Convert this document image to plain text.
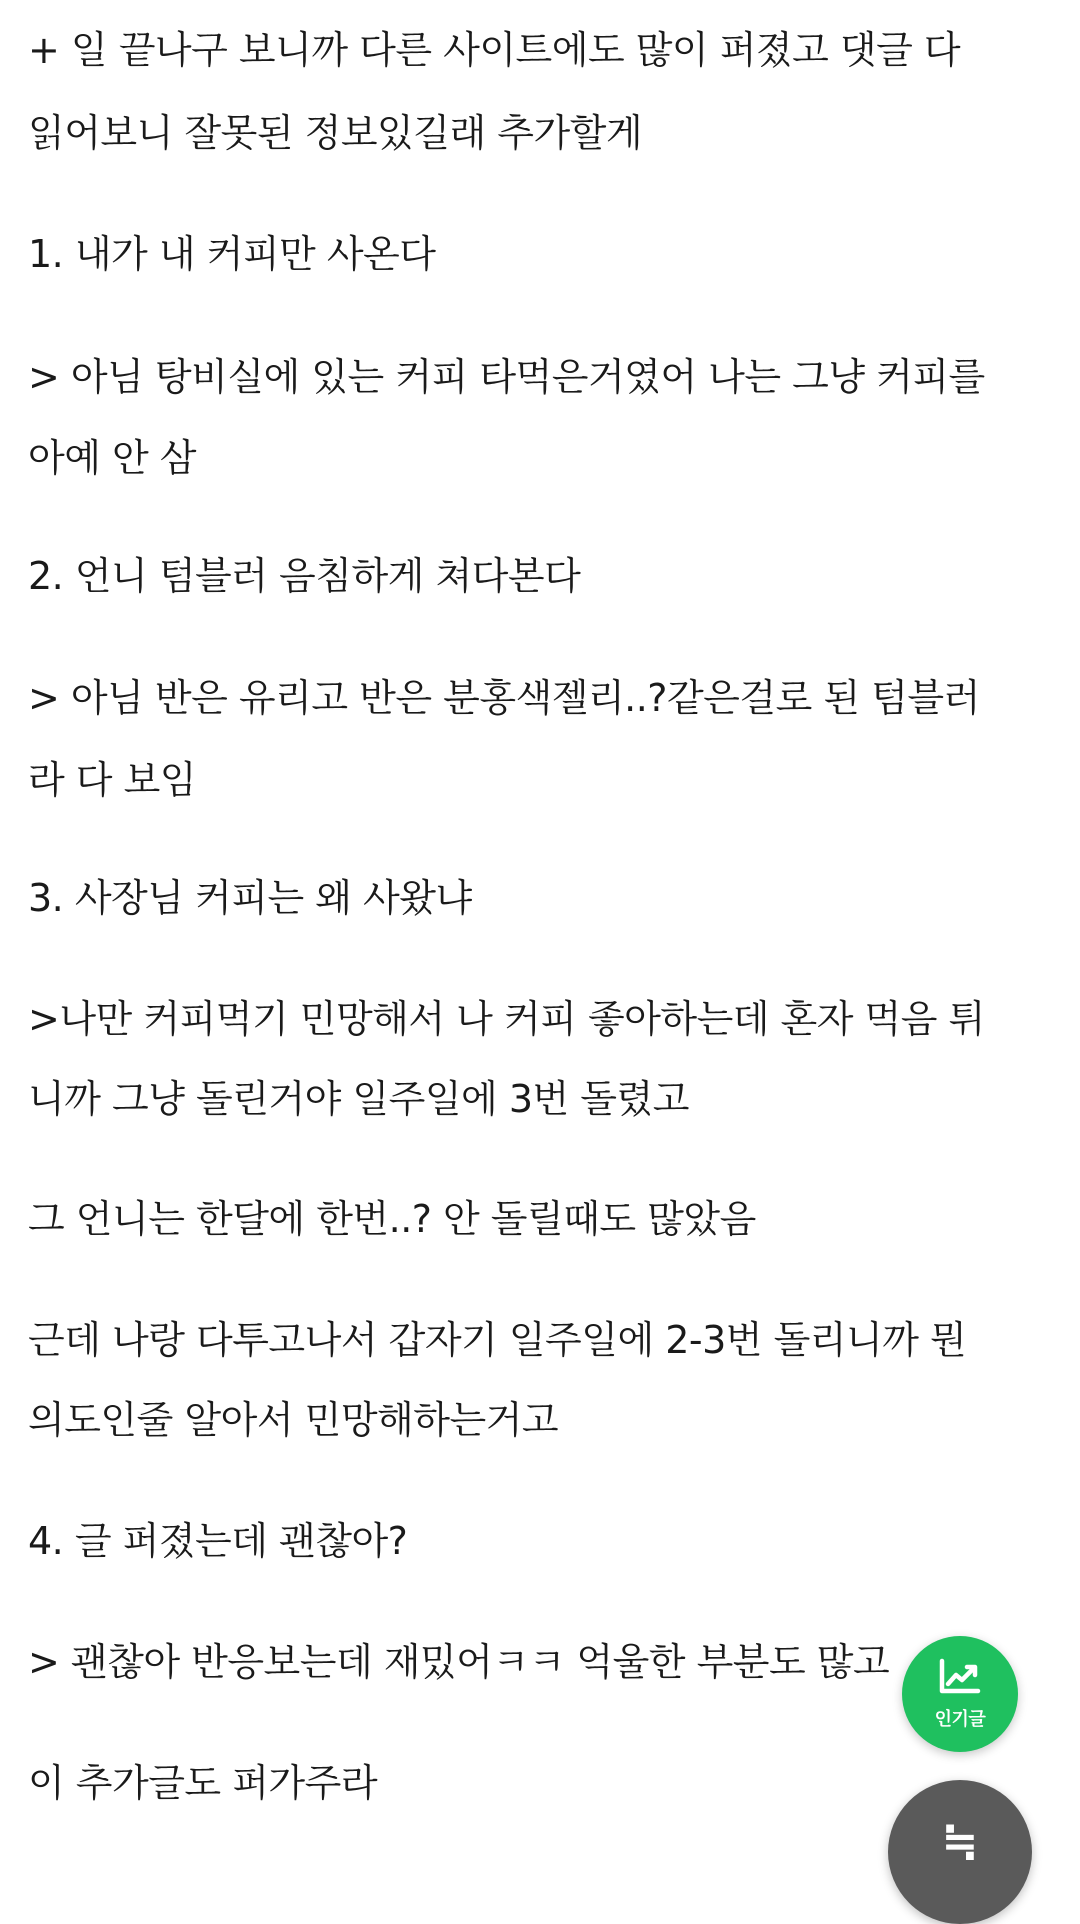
+ 일 끝나구 보니까 다른 사이트에도 많이 퍼졌고 댓글 다
읽어보니 잘못된 정보있길래 추가할게
1. 내가 내 커피만 사온다
> 아님 탕비실에 있는 커피 타먹은거였어 나는 그냥 커피를
아예 안 삼
2. 언니 텀블러 음침하게 쳐다본다
> 아님 반은 유리고 반은 분홍색젤리..?같은걸로 된 텀블러
라 다 보임
3. 사장님 커피는 왜 사왔냐
>나만 커피먹기 민망해서 나 커피 좋아하는데 혼자 먹음 튀
니까 그냥 돌린거야 일주일에 3번 돌렸고
그 언니는 한달에 한번..? 안 돌릴때도 많았음
근데 나랑 다투고나서 갑자기 일주일에 2-3번 돌리니까 뭔
의도인줄 알아서 민망해하는거고
4. 글 퍼졌는데 괜찮아?
> 괜찮아 반응보는데 재밌어ㅋㅋ 억울한 부분도 많고
이 추가글도 퍼가주라
인기글
≒
